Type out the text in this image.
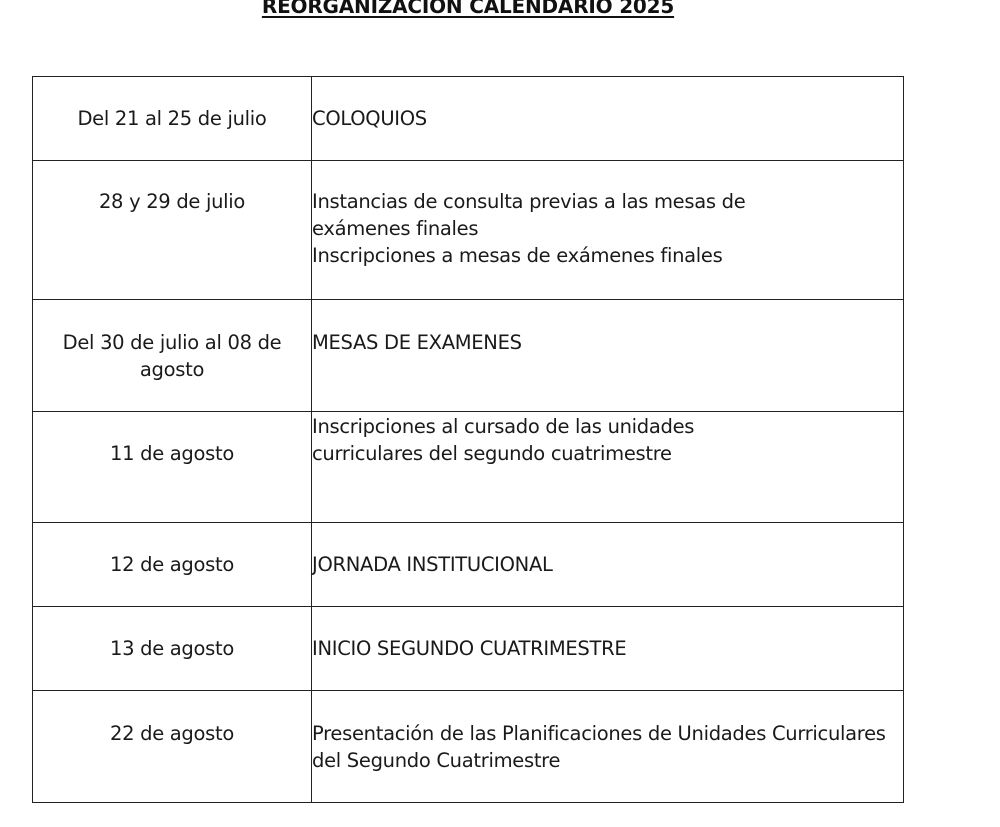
REORGANIZACION CALENDARIO 2025
Del 21 al 25 de julio	COLOQUIOS

28 y 29 de julio	Instancias de consulta previas a las mesas de exámenes finales
Inscripciones a mesas de exámenes finales

Del 30 de julio al 08 de agosto	MESAS DE EXAMENES

11 de agosto	Inscripciones al cursado de las unidades curriculares del segundo cuatrimestre

12 de agosto	JORNADA INSTITUCIONAL

13 de agosto	INICIO SEGUNDO CUATRIMESTRE

22 de agosto	Presentación de las Planificaciones de Unidades Curriculares del Segundo Cuatrimestre
